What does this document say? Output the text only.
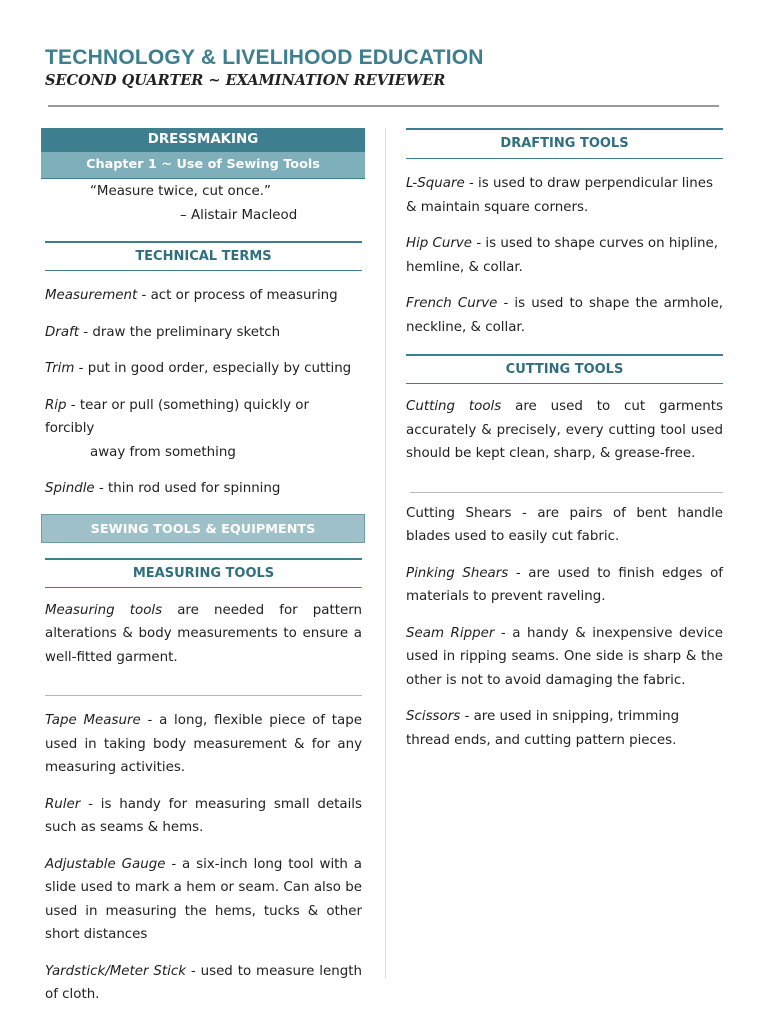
TECHNOLOGY & LIVELIHOOD EDUCATION
SECOND QUARTER ~ EXAMINATION REVIEWER
DRESSMAKING
Chapter 1 ~ Use of Sewing Tools
“Measure twice, cut once.”
– Alistair Macleod
TECHNICAL TERMS

Measurement - act or process of measuring

Draft - draw the preliminary sketch

Trim - put in good order, especially by cutting

Rip - tear or pull (something) quickly or forcibly
away from something

Spindle - thin rod used for spinning

SEWING TOOLS & EQUIPMENTS
MEASURING TOOLS

Measuring tools are needed for pattern alterations & body measurements to ensure a well-fitted garment.

Tape Measure - a long, flexible piece of tape used in taking body measurement & for any measuring activities.

Ruler - is handy for measuring small details such as seams & hems.

Adjustable Gauge - a six-inch long tool with a slide used to mark a hem or seam. Can also be used in measuring the hems, tucks & other short distances

Yardstick/Meter Stick - used to measure length of cloth.

DRAFTING TOOLS

L-Square - is used to draw perpendicular lines & maintain square corners.

Hip Curve - is used to shape curves on hipline, hemline, & collar.

French Curve - is used to shape the armhole, neckline, & collar.

CUTTING TOOLS

Cutting tools are used to cut garments accurately & precisely, every cutting tool used should be kept clean, sharp, & grease-free.

Cutting Shears - are pairs of bent handle blades used to easily cut fabric.

Pinking Shears - are used to finish edges of materials to prevent raveling.

Seam Ripper - a handy & inexpensive device used in ripping seams. One side is sharp & the other is not to avoid damaging the fabric.

Scissors - are used in snipping, trimming thread ends, and cutting pattern pieces.
